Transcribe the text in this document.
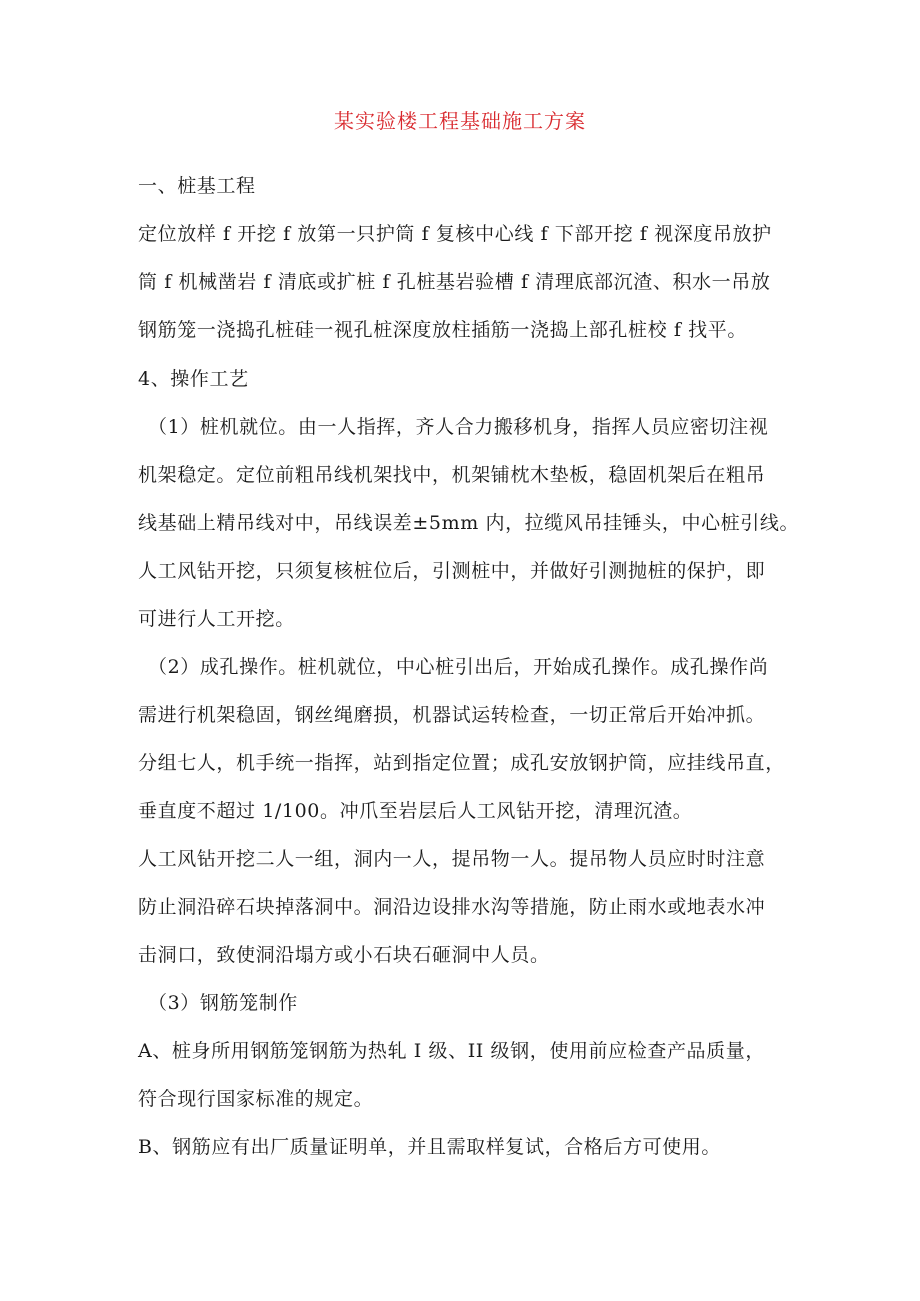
某实验楼工程基础施工方案
一、桩基工程
定位放样 f 开挖 f 放第一只护筒 f 复核中心线 f 下部开挖 f 视深度吊放护
筒 f 机械凿岩 f 清底或扩桩 f 孔桩基岩验槽 f 清理底部沉渣、积水一吊放
钢筋笼一浇捣孔桩硅一视孔桩深度放柱插筋一浇捣上部孔桩校 f 找平。
4、操作工艺
（1）桩机就位。由一人指挥，齐人合力搬移机身，指挥人员应密切注视
机架稳定。定位前粗吊线机架找中，机架铺枕木垫板，稳固机架后在粗吊
线基础上精吊线对中，吊线误差±5mm 内，拉缆风吊挂锤头，中心桩引线。
人工风钻开挖，只须复核桩位后，引测桩中，并做好引测抛桩的保护，即
可进行人工开挖。
（2）成孔操作。桩机就位，中心桩引出后，开始成孔操作。成孔操作尚
需进行机架稳固，钢丝绳磨损，机器试运转检查，一切正常后开始冲抓。
分组七人，机手统一指挥，站到指定位置；成孔安放钢护筒，应挂线吊直，
垂直度不超过 1/100。冲爪至岩层后人工风钻开挖，清理沉渣。
人工风钻开挖二人一组，洞内一人，提吊物一人。提吊物人员应时时注意
防止洞沿碎石块掉落洞中。洞沿边设排水沟等措施，防止雨水或地表水冲
击洞口，致使洞沿塌方或小石块石砸洞中人员。
（3）钢筋笼制作
A、桩身所用钢筋笼钢筋为热轧 I 级、II 级钢，使用前应检查产品质量，
符合现行国家标准的规定。
B、钢筋应有出厂质量证明单，并且需取样复试，合格后方可使用。
